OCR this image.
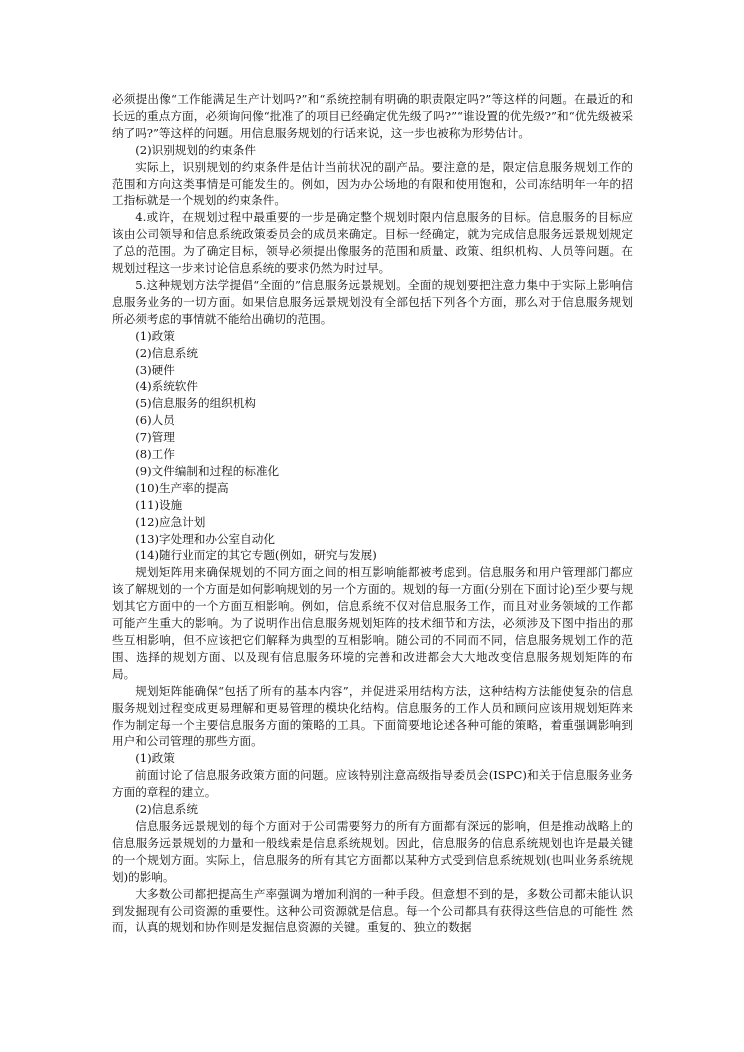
必须提出像“工作能满足生产计划吗?”和“系统控制有明确的职责限定吗?”等这样的问题。在最近的和长远的重点方面，必须询问像“批准了的项目已经确定优先级了吗?”“谁设置的优先级?”和“优先级被采纳了吗?”等这样的问题。用信息服务规划的行话来说，这一步也被称为形势估计。

(2)识别规划的约束条件

实际上，识别规划的约束条件是估计当前状况的副产品。要注意的是，限定信息服务规划工作的范围和方向这类事情是可能发生的。例如，因为办公场地的有限和使用饱和，公司冻结明年一年的招工指标就是一个规划的约束条件。

4.或许，在规划过程中最重要的一步是确定整个规划时限内信息服务的目标。信息服务的目标应该由公司领导和信息系统政策委员会的成员来确定。目标一经确定，就为完成信息服务远景规划规定了总的范围。为了确定目标，领导必须提出像服务的范围和质量、政策、组织机构、人员等问题。在规划过程这一步来讨论信息系统的要求仍然为时过早。

5.这种规划方法学提倡“全面的”信息服务远景规划。全面的规划要把注意力集中于实际上影响信息服务业务的一切方面。如果信息服务远景规划没有全部包括下列各个方面，那么对于信息服务规划所必须考虑的事情就不能给出确切的范围。

(1)政策

(2)信息系统

(3)硬件

(4)系统软件

(5)信息服务的组织机构

(6)人员

(7)管理

(8)工作

(9)文件编制和过程的标准化

(10)生产率的提高

(11)设施

(12)应急计划

(13)字处理和办公室自动化

(14)随行业而定的其它专题(例如，研究与发展)

规划矩阵用来确保规划的不同方面之间的相互影响能都被考虑到。信息服务和用户管理部门都应该了解规划的一个方面是如何影响规划的另一个方面的。规划的每一方面(分别在下面讨论)至少要与规划其它方面中的一个方面互相影响。例如，信息系统不仅对信息服务工作，而且对业务领域的工作都可能产生重大的影响。为了说明作出信息服务规划矩阵的技术细节和方法，必须涉及下图中指出的那些互相影响，但不应该把它们解释为典型的互相影响。随公司的不同而不同，信息服务规划工作的范围、选择的规划方面、以及现有信息服务环境的完善和改进都会大大地改变信息服务规划矩阵的布局。

规划矩阵能确保“包括了所有的基本内容”，并促进采用结构方法，这种结构方法能使复杂的信息服务规划过程变成更易理解和更易管理的模块化结构。信息服务的工作人员和顾问应该用规划矩阵来作为制定每一个主要信息服务方面的策略的工具。下面简要地论述各种可能的策略，着重强调影响到用户和公司管理的那些方面。

(1)政策

前面讨论了信息服务政策方面的问题。应该特别注意高级指导委员会(ISPC)和关于信息服务业务方面的章程的建立。

(2)信息系统

信息服务远景规划的每个方面对于公司需要努力的所有方面都有深远的影响，但是推动战略上的信息服务远景规划的力量和一般线索是信息系统规划。因此，信息服务的信息系统规划也许是最关键的一个规划方面。实际上，信息服务的所有其它方面都以某种方式受到信息系统规划(也叫业务系统规划)的影响。

大多数公司都把提高生产率强调为增加利润的一种手段。但意想不到的是，多数公司都未能认识到发掘现有公司资源的重要性。这种公司资源就是信息。每一个公司都具有获得这些信息的可能性 然而，认真的规划和协作则是发掘信息资源的关键。重复的、独立的数据
